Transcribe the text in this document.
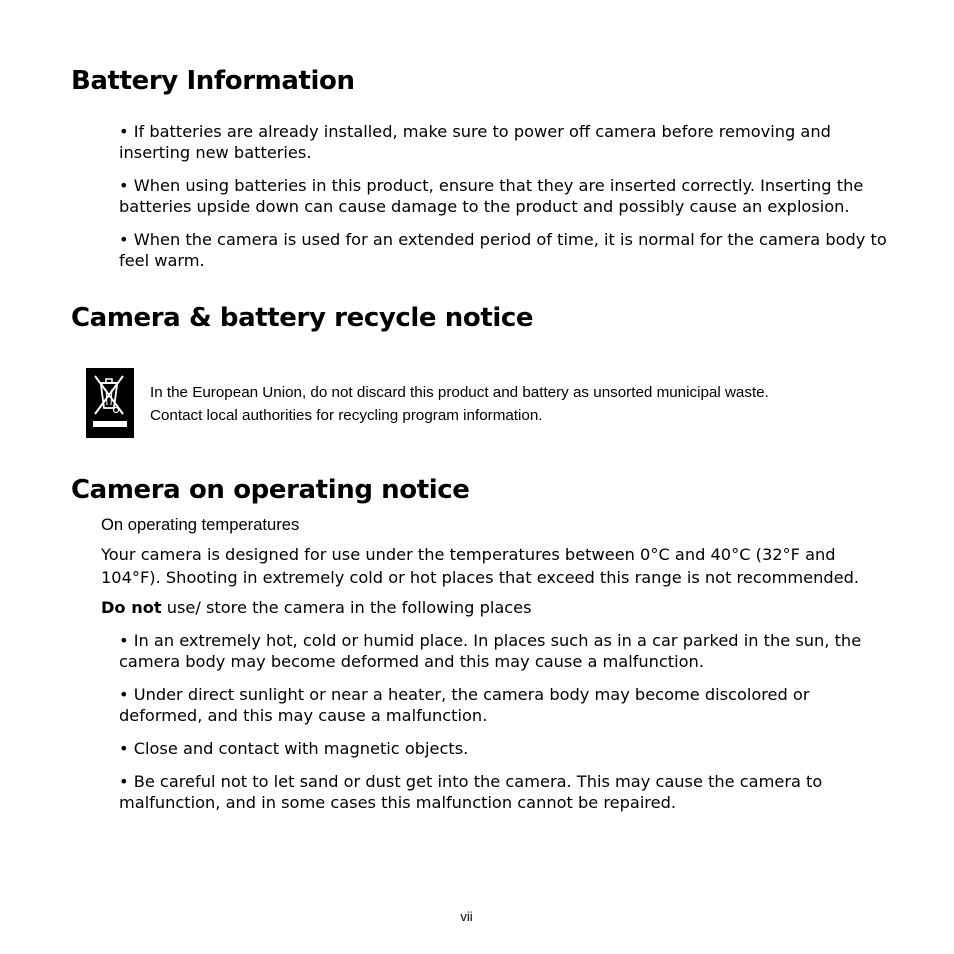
Battery Information

• If batteries are already installed, make sure to power off camera before removing and inserting new batteries.

• When using batteries in this product, ensure that they are inserted correctly. Inserting the batteries upside down can cause damage to the product and possibly cause an explosion.

• When the camera is used for an extended period of time, it is normal for the camera body to feel warm.

Camera & battery recycle notice

In the European Union, do not discard this product and battery as unsorted municipal waste.

Contact local authorities for recycling program information.

Camera on operating notice

On operating temperatures

Your camera is designed for use under the temperatures between 0°C and 40°C (32°F and 104°F). Shooting in extremely cold or hot places that exceed this range is not recommended.

Do not use/ store the camera in the following places

• In an extremely hot, cold or humid place. In places such as in a car parked in the sun, the camera body may become deformed and this may cause a malfunction.

• Under direct sunlight or near a heater, the camera body may become discolored or deformed, and this may cause a malfunction.

• Close and contact with magnetic objects.

• Be careful not to let sand or dust get into the camera. This may cause the camera to malfunction, and in some cases this malfunction cannot be repaired.

vii
